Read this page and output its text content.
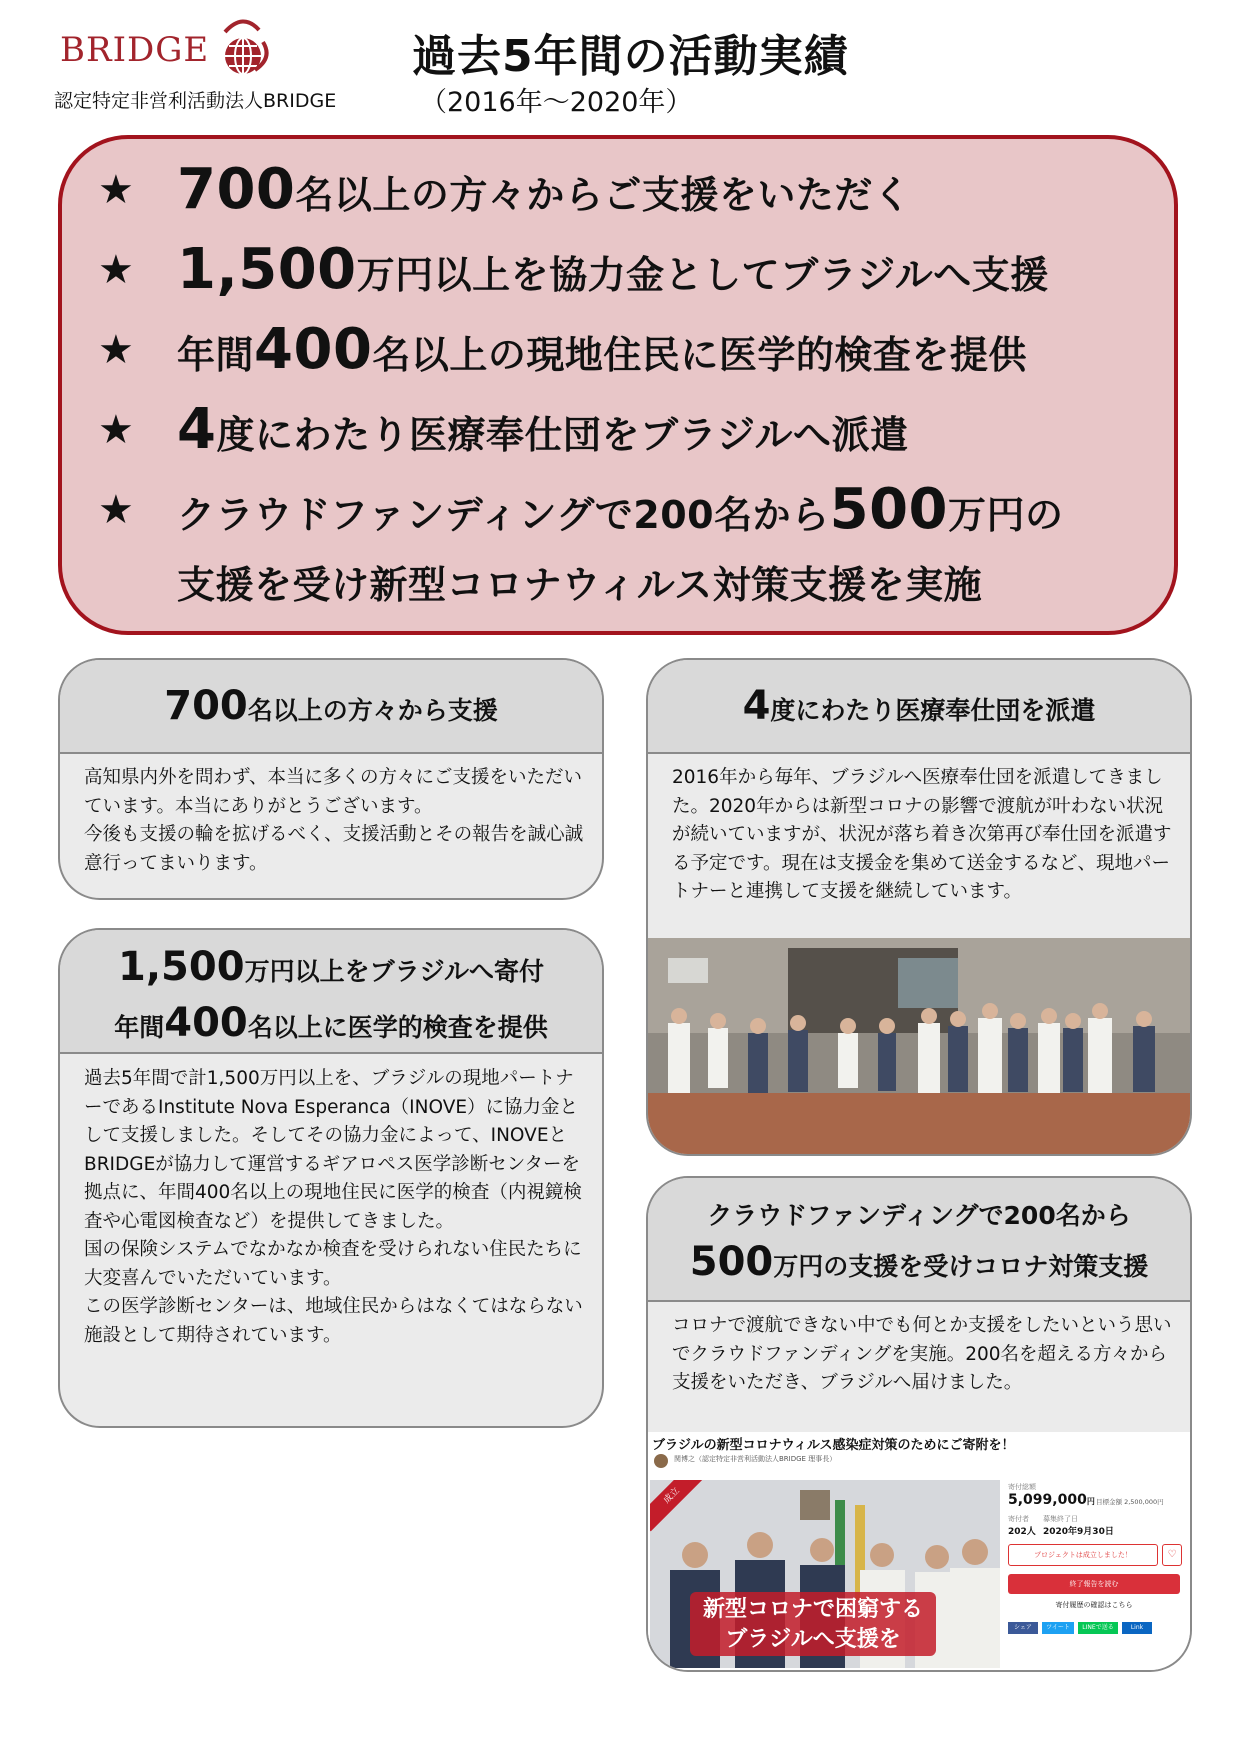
BRIDGE
認定特定非営利活動法人BRIDGE
過去5年間の活動実績
（2016年～2020年）
★ 700名以上の方々からご支援をいただく
★ 1,500万円以上を協力金としてブラジルへ支援
★ 年間400名以上の現地住民に医学的検査を提供
★ 4度にわたり医療奉仕団をブラジルへ派遣
★ クラウドファンディングで200名から500万円の
支援を受け新型コロナウィルス対策支援を実施
700名以上の方々から支援

高知県内外を問わず、本当に多くの方々にご支援をいただいています。本当にありがとうございます。

今後も支援の輪を拡げるべく、支援活動とその報告を誠心誠意行ってまいります。

1,500万円以上をブラジルへ寄付
年間400名以上に医学的検査を提供

過去5年間で計1,500万円以上を、ブラジルの現地パートナーであるInstitute Nova Esperanca（INOVE）に協力金として支援しました。そしてその協力金によって、INOVEとBRIDGEが協力して運営するギアロペス医学診断センターを拠点に、年間400名以上の現地住民に医学的検査（内視鏡検査や心電図検査など）を提供してきました。

国の保険システムでなかなか検査を受けられない住民たちに大変喜んでいただいています。

この医学診断センターは、地域住民からはなくてはならない施設として期待されています。

4度にわたり医療奉仕団を派遣

2016年から毎年、ブラジルへ医療奉仕団を派遣してきました。2020年からは新型コロナの影響で渡航が叶わない状況が続いていますが、状況が落ち着き次第再び奉仕団を派遣する予定です。現在は支援金を集めて送金するなど、現地パートナーと連携して支援を継続しています。

クラウドファンディングで200名から
500万円の支援を受けコロナ対策支援

コロナで渡航できない中でも何とか支援をしたいという思いでクラウドファンディングを実施。200名を超える方々から支援をいただき、ブラジルへ届けました。

ブラジルの新型コロナウィルス感染症対策のためにご寄附を！
関博之（認定特定非営利活動法人BRIDGE 理事長）
成立
新型コロナで困窮する
ブラジルへ支援を
寄付総額
5,099,000円 目標金額 2,500,000円
寄付者
202人
募集終了日
2020年9月30日
プロジェクトは成立しました！	♡
終了報告を読む
寄付履歴の確認はこちら
シェア	ツイート	LINEで送る	Link
